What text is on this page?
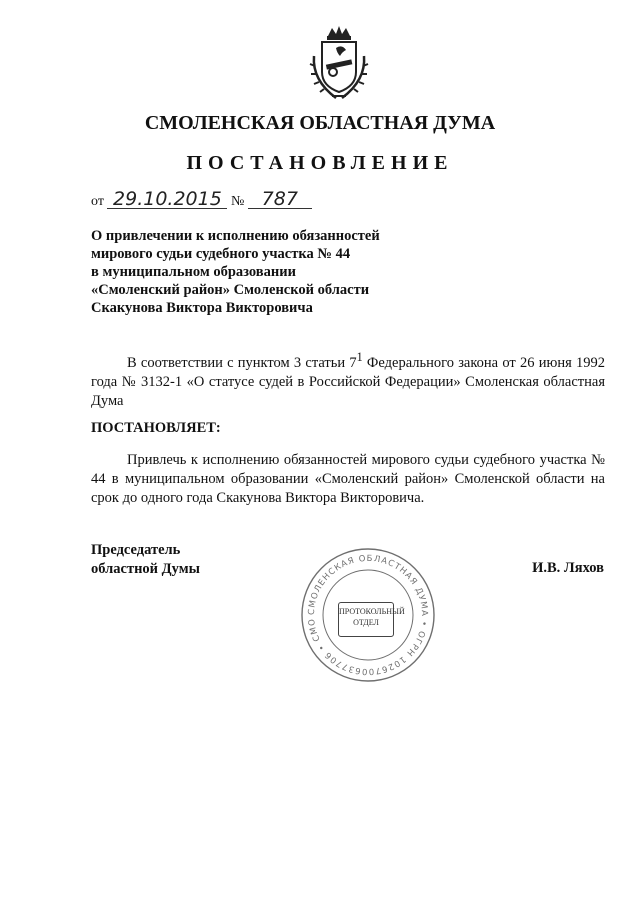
СМОЛЕНСКАЯ ОБЛАСТНАЯ ДУМА
ПОСТАНОВЛЕНИЕ
от 29.10.2015 № 787
О привлечении к исполнению обязанностей
мирового судьи судебного участка № 44
в муниципальном образовании
«Смоленский район» Смоленской области
Скакунова Виктора Викторовича
В соответствии с пунктом 3 статьи $7^1$ Федерального закона от 26 июня 1992 года № 3132-1 «О статусе судей в Российской Федерации» Смоленская областная Дума
ПОСТАНОВЛЯЕТ:
Привлечь к исполнению обязанностей мирового судьи судебного участка № 44 в муниципальном образовании «Смоленский район» Смоленской области на срок до одного года Скакунова Виктора Викторовича.
Председатель
областной Думы	И.В. Ляхов
СМОЛЕНСКАЯ ОБЛАСТНАЯ ДУМА • ОГРН 1026700637706 • СМО
ПРОТОКОЛЬНЫЙ
ОТДЕЛ
